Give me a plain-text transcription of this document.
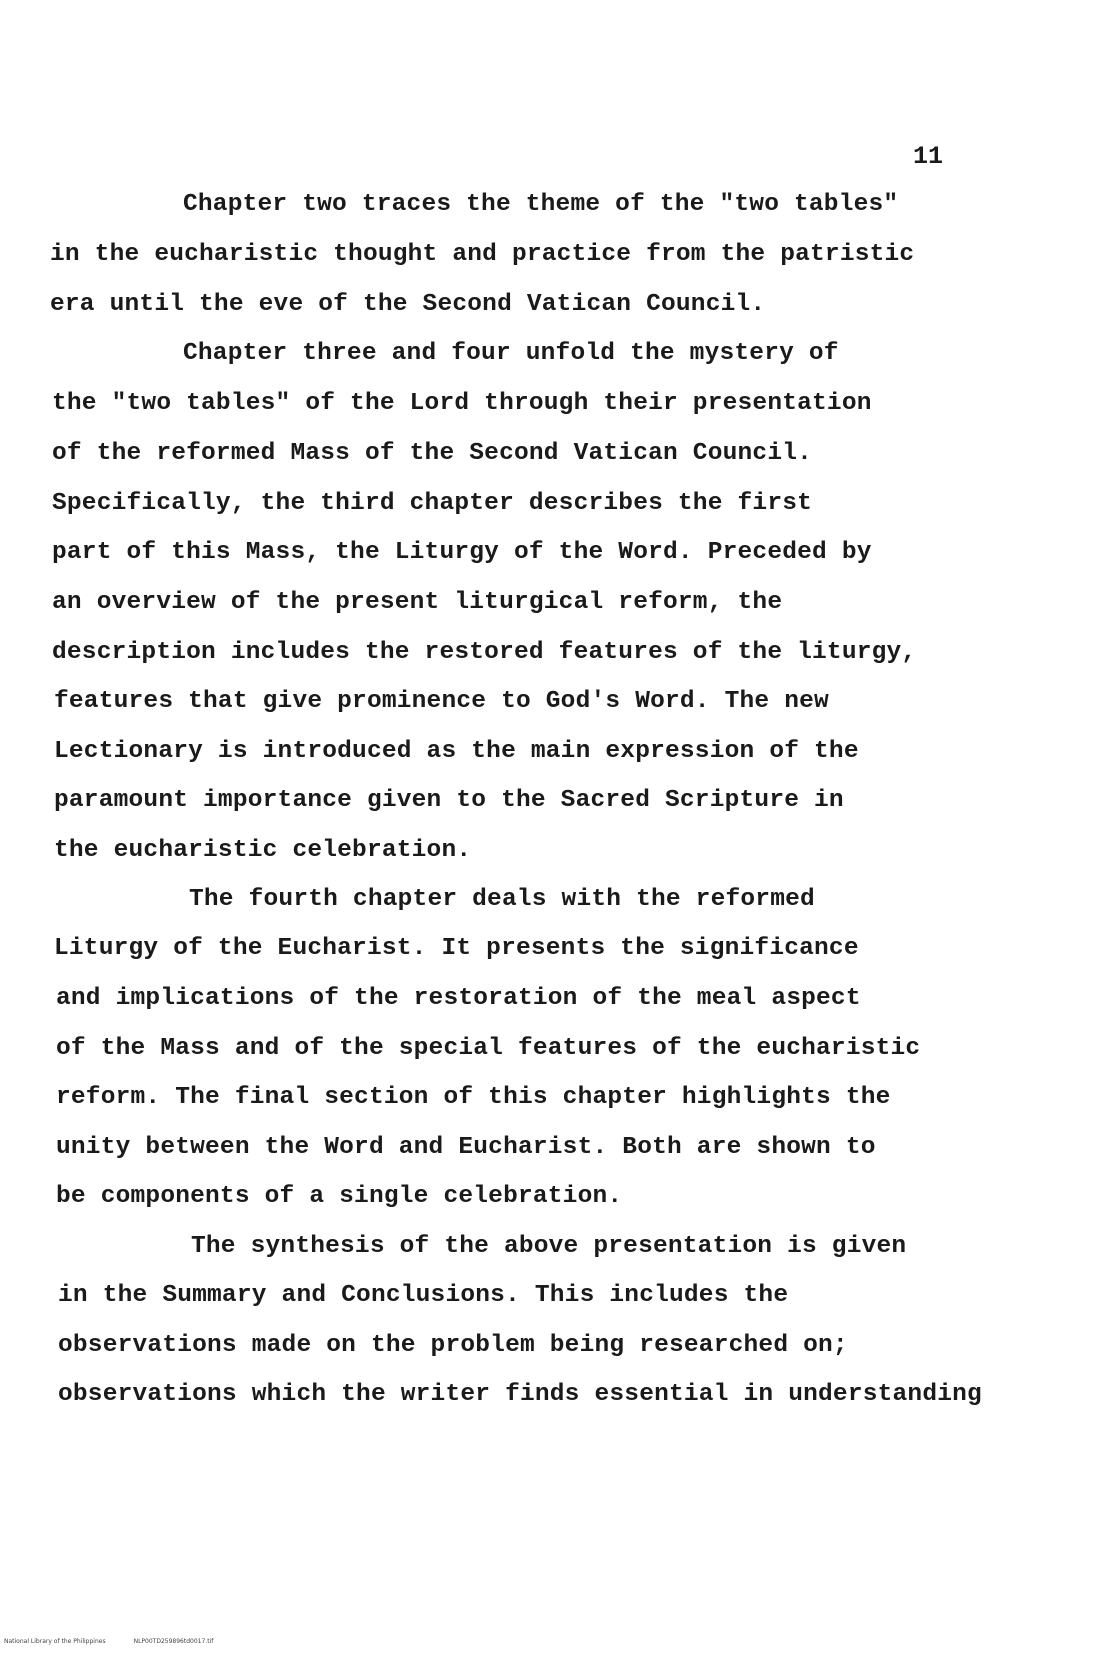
11
Chapter two traces the theme of the "two tables"
in the eucharistic thought and practice from the patristic
era until the eve of the Second Vatican Council.
Chapter three and four unfold the mystery of
the "two tables" of the Lord through their presentation
of the reformed Mass of the Second Vatican Council.
Specifically, the third chapter describes the first
part of this Mass, the Liturgy of the Word. Preceded by
an overview of the present liturgical reform, the
description includes the restored features of the liturgy,
features that give prominence to God's Word. The new
Lectionary is introduced as the main expression of the
paramount importance given to the Sacred Scripture in
the eucharistic celebration.
The fourth chapter deals with the reformed
Liturgy of the Eucharist. It presents the significance
and implications of the restoration of the meal aspect
of the Mass and of the special features of the eucharistic
reform. The final section of this chapter highlights the
unity between the Word and Eucharist. Both are shown to
be components of a single celebration.
The synthesis of the above presentation is given
in the Summary and Conclusions. This includes the
observations made on the problem being researched on;
observations which the writer finds essential in understanding
National Library of the Philippines	NLP00TD259896td0017.tif
